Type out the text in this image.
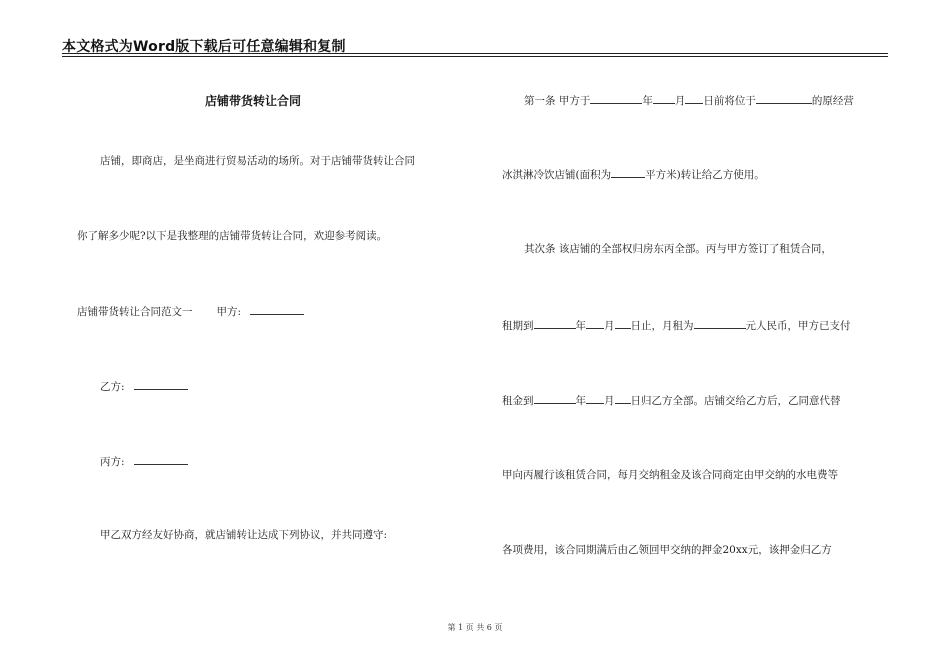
本文格式为Word版下载后可任意编辑和复制
店铺带货转让合同
店铺，即商店，是坐商进行贸易活动的场所。对于店铺带货转让合同
你了解多少呢?以下是我整理的店铺带货转让合同，欢迎参考阅读。
店铺带货转让合同范文一 甲方:
乙方:
丙方:
甲乙双方经友好协商，就店铺转让达成下列协议，并共同遵守:
第一条 甲方于	年 月 日前将位于	的原经营
冰淇淋冷饮店铺(面积为	平方米)转让给乙方使用。
其次条 该店铺的全部权归房东丙全部。丙与甲方签订了租赁合同，
租期到	年 月 日止，月租为	元人民币，甲方已支付
租金到	年 月 日归乙方全部。店铺交给乙方后，乙同意代替
甲向丙履行该租赁合同，每月交纳租金及该合同商定由甲交纳的水电费等
各项费用，该合同期满后由乙领回甲交纳的押金20xx元，该押金归乙方
第 1 页 共 6 页
